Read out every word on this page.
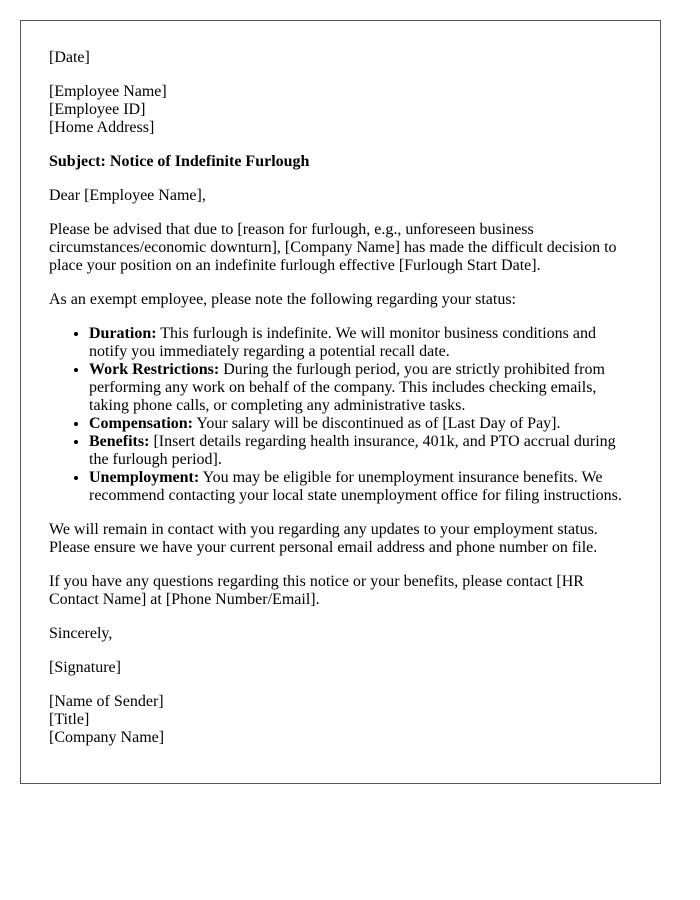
[Date]

[Employee Name]
[Employee ID]
[Home Address]

Subject: Notice of Indefinite Furlough

Dear [Employee Name],

Please be advised that due to [reason for furlough, e.g., unforeseen business circumstances/economic downturn], [Company Name] has made the difficult decision to place your position on an indefinite furlough effective [Furlough Start Date].

As an exempt employee, please note the following regarding your status:

• Duration: This furlough is indefinite. We will monitor business conditions and notify you immediately regarding a potential recall date.
• Work Restrictions: During the furlough period, you are strictly prohibited from performing any work on behalf of the company. This includes checking emails, taking phone calls, or completing any administrative tasks.
• Compensation: Your salary will be discontinued as of [Last Day of Pay].
• Benefits: [Insert details regarding health insurance, 401k, and PTO accrual during the furlough period].
• Unemployment: You may be eligible for unemployment insurance benefits. We recommend contacting your local state unemployment office for filing instructions.

We will remain in contact with you regarding any updates to your employment status. Please ensure we have your current personal email address and phone number on file.

If you have any questions regarding this notice or your benefits, please contact [HR Contact Name] at [Phone Number/Email].

Sincerely,

[Signature]

[Name of Sender]
[Title]
[Company Name]
